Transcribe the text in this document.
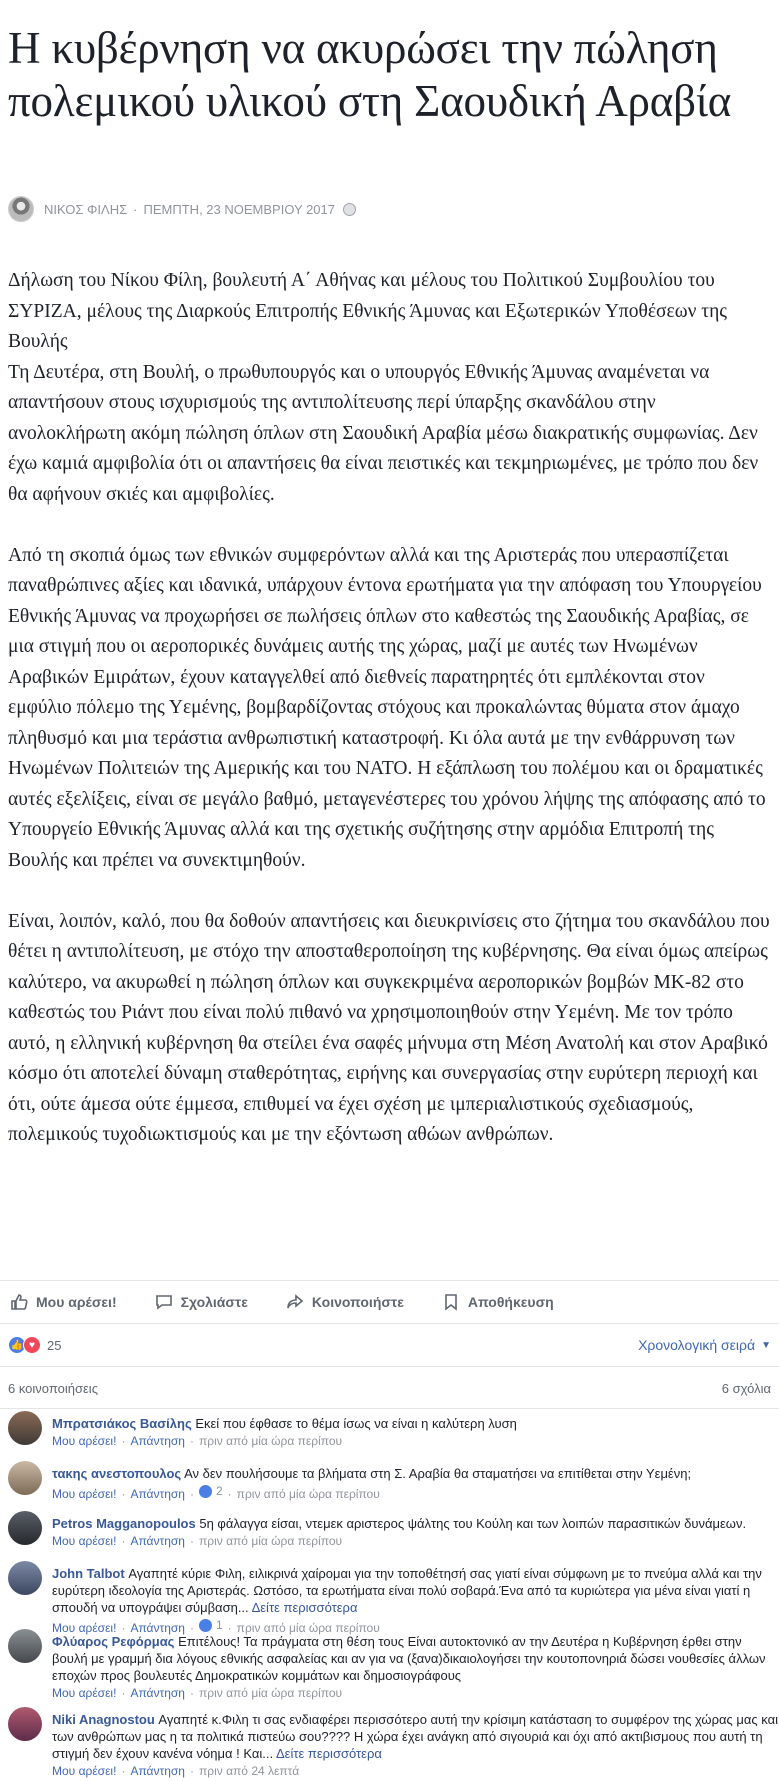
Η κυβέρνηση να ακυρώσει την πώληση πολεμικού υλικού στη Σαουδική Αραβία
ΝΙΚΟΣ ΦΙΛΗΣ · ΠΕΜΠΤΗ, 23 ΝΟΕΜΒΡΙΟΥ 2017
Δήλωση του Νίκου Φίλη, βουλευτή Α΄ Αθήνας και μέλους του Πολιτικού Συμβουλίου του ΣΥΡΙΖΑ, μέλους της Διαρκούς Επιτροπής Εθνικής Άμυνας και Εξωτερικών Υποθέσεων της Βουλής
Τη Δευτέρα, στη Βουλή, ο πρωθυπουργός και ο υπουργός Εθνικής Άμυνας αναμένεται να απαντήσουν στους ισχυρισμούς της αντιπολίτευσης περί ύπαρξης σκανδάλου στην ανολοκλήρωτη ακόμη πώληση όπλων στη Σαουδική Αραβία μέσω διακρατικής συμφωνίας. Δεν έχω καμιά αμφιβολία ότι οι απαντήσεις θα είναι πειστικές και τεκμηριωμένες, με τρόπο που δεν θα αφήνουν σκιές και αμφιβολίες.

Από τη σκοπιά όμως των εθνικών συμφερόντων αλλά και της Αριστεράς που υπερασπίζεται παναθρώπινες αξίες και ιδανικά, υπάρχουν έντονα ερωτήματα για την απόφαση του Υπουργείου Εθνικής Άμυνας να προχωρήσει σε πωλήσεις όπλων στο καθεστώς της Σαουδικής Αραβίας, σε μια στιγμή που οι αεροπορικές δυνάμεις αυτής της χώρας, μαζί με αυτές των Ηνωμένων Αραβικών Εμιράτων, έχουν καταγγελθεί από διεθνείς παρατηρητές ότι εμπλέκονται στον εμφύλιο πόλεμο της Υεμένης, βομβαρδίζοντας στόχους και προκαλώντας θύματα στον άμαχο πληθυσμό και μια τεράστια ανθρωπιστική καταστροφή. Κι όλα αυτά με την ενθάρρυνση των Ηνωμένων Πολιτειών της Αμερικής και του ΝΑΤΟ. Η εξάπλωση του πολέμου και οι δραματικές αυτές εξελίξεις, είναι σε μεγάλο βαθμό, μεταγενέστερες του χρόνου λήψης της απόφασης από το Υπουργείο Εθνικής Άμυνας αλλά και της σχετικής συζήτησης στην αρμόδια Επιτροπή της Βουλής και πρέπει να συνεκτιμηθούν.

Είναι, λοιπόν, καλό, που θα δοθούν απαντήσεις και διευκρινίσεις στο ζήτημα του σκανδάλου που θέτει η αντιπολίτευση, με στόχο την αποσταθεροποίηση της κυβέρνησης. Θα είναι όμως απείρως καλύτερο, να ακυρωθεί η πώληση όπλων και συγκεκριμένα αεροπορικών βομβών ΜΚ-82 στο καθεστώς του Ριάντ που είναι πολύ πιθανό να χρησιμοποιηθούν στην Υεμένη. Με τον τρόπο αυτό, η ελληνική κυβέρνηση θα στείλει ένα σαφές μήνυμα στη Μέση Ανατολή και στον Αραβικό κόσμο ότι αποτελεί δύναμη σταθερότητας, ειρήνης και συνεργασίας στην ευρύτερη περιοχή και ότι, ούτε άμεσα ούτε έμμεσα, επιθυμεί να έχει σχέση με ιμπεριαλιστικούς σχεδιασμούς, πολεμικούς τυχοδιωκτισμούς και με την εξόντωση αθώων ανθρώπων.

Μου αρέσει!	Σχολιάστε	Κοινοποιήστε	Αποθήκευση
👍 ♥ 25	Χρονολογική σειρά ▼
6 κοινοποιήσεις	6 σχόλια
Μπρατσιάκος Βασίλης Εκεί που έφθασε το θέμα ίσως να είναι η καλύτερη λυση
Μου αρέσει! · Απάντηση · πριν από μία ώρα περίπου
τακης ανεστοπουλος Αν δεν πουλήσουμε τα βλήματα στη Σ. Αραβία θα σταματήσει να επιτίθεται στην Υεμένη;
Μου αρέσει! · Απάντηση · 2 · πριν από μία ώρα περίπου
Petros Magganopoulos 5η φάλαγγα είσαι, ντεμεκ αριστερος ψάλτης του Κούλη και των λοιπών παρασιτικών δυνάμεων.
Μου αρέσει! · Απάντηση · πριν από μία ώρα περίπου
John Talbot Αγαπητέ κύριε Φιλη, ειλικρινά χαίρομαι για την τοποθέτησή σας γιατί είναι σύμφωνη με το πνεύμα αλλά και την ευρύτερη ιδεολογία της Αριστεράς. Ωστόσο, τα ερωτήματα είναι πολύ σοβαρά.Ένα από τα κυριώτερα για μένα είναι γιατί η σπουδή να υπογράψει σύμβαση... Δείτε περισσότερα
Μου αρέσει! · Απάντηση · 1 · πριν από μία ώρα περίπου
Φλύαρος Ρεφόρμας Επιτέλους! Τα πράγματα στη θέση τους Είναι αυτοκτονικό αν την Δευτέρα η Κυβέρνηση έρθει στην βουλή με γραμμή δια λόγους εθνικής ασφαλείας και αν για να (ξανα)δικαιολογήσει την κουτοπονηριά δώσει νουθεσίες άλλων εποχών προς βουλευτές Δημοκρατικών κομμάτων και δημοσιογράφους
Μου αρέσει! · Απάντηση · πριν από μία ώρα περίπου
Niki Anagnostou Αγαπητέ κ.Φιλη τι σας ενδιαφέρει περισσότερο αυτή την κρίσιμη κατάσταση το συμφέρον της χώρας μας και των ανθρώπων μας η τα πολιτικά πιστεύω σου???? Η χώρα έχει ανάγκη από σιγουριά και όχι από ακτιβισμους που αυτή τη στιγμή δεν έχουν κανένα νόημα ! Και... Δείτε περισσότερα
Μου αρέσει! · Απάντηση · πριν από 24 λεπτά
